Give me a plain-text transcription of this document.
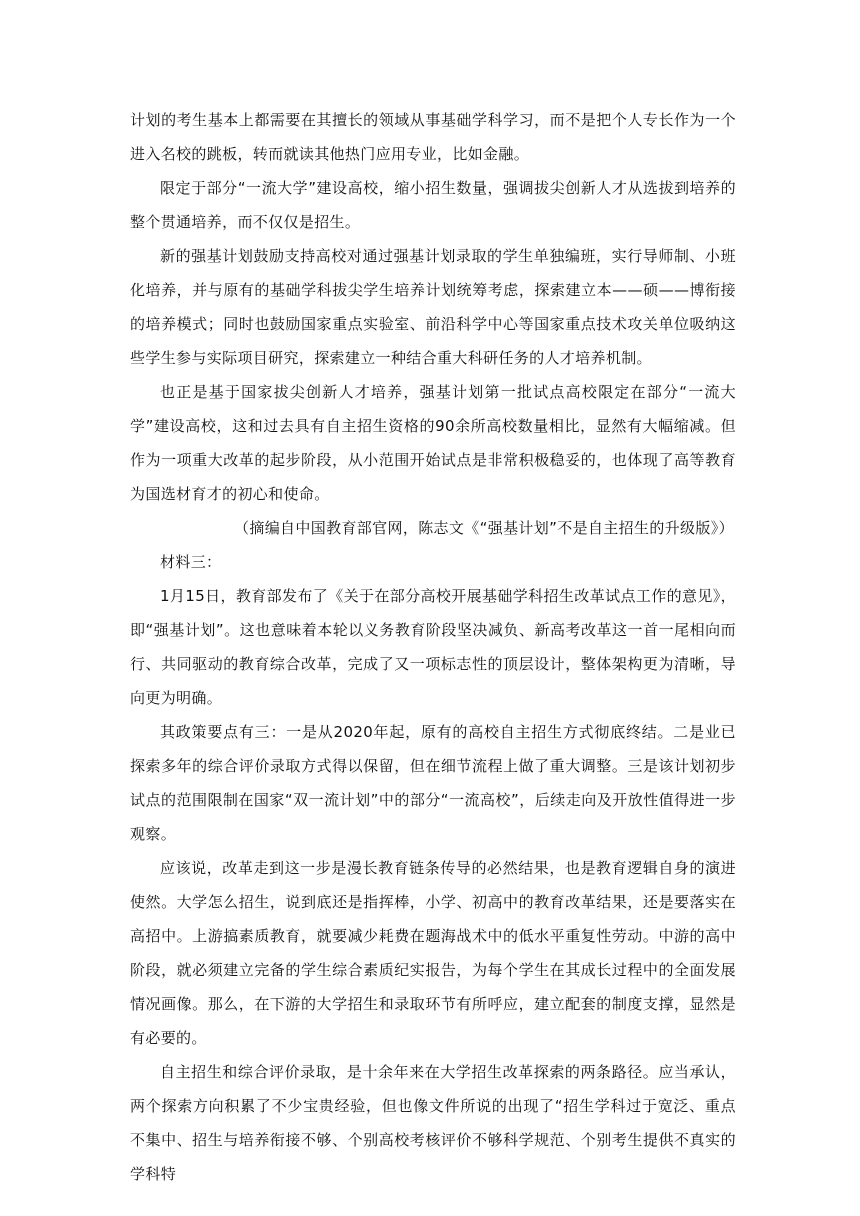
计划的考生基本上都需要在其擅长的领域从事基础学科学习，而不是把个人专长作为一个进入名校的跳板，转而就读其他热门应用专业，比如金融。

限定于部分“一流大学”建设高校，缩小招生数量，强调拔尖创新人才从选拔到培养的整个贯通培养，而不仅仅是招生。

新的强基计划鼓励支持高校对通过强基计划录取的学生单独编班，实行导师制、小班化培养，并与原有的基础学科拔尖学生培养计划统筹考虑，探索建立本——硕——博衔接的培养模式；同时也鼓励国家重点实验室、前沿科学中心等国家重点技术攻关单位吸纳这些学生参与实际项目研究，探索建立一种结合重大科研任务的人才培养机制。

也正是基于国家拔尖创新人才培养，强基计划第一批试点高校限定在部分“一流大学”建设高校，这和过去具有自主招生资格的90余所高校数量相比，显然有大幅缩减。但作为一项重大改革的起步阶段，从小范围开始试点是非常积极稳妥的，也体现了高等教育为国选材育才的初心和使命。

（摘编自中国教育部官网，陈志文《“强基计划”不是自主招生的升级版》）

材料三：

1月15日，教育部发布了《关于在部分高校开展基础学科招生改革试点工作的意见》，即“强基计划”。这也意味着本轮以义务教育阶段坚决减负、新高考改革这一首一尾相向而行、共同驱动的教育综合改革，完成了又一项标志性的顶层设计，整体架构更为清晰，导向更为明确。

其政策要点有三：一是从2020年起，原有的高校自主招生方式彻底终结。二是业已探索多年的综合评价录取方式得以保留，但在细节流程上做了重大调整。三是该计划初步试点的范围限制在国家“双一流计划”中的部分“一流高校”，后续走向及开放性值得进一步观察。

应该说，改革走到这一步是漫长教育链条传导的必然结果，也是教育逻辑自身的演进使然。大学怎么招生，说到底还是指挥棒，小学、初高中的教育改革结果，还是要落实在高招中。上游搞素质教育，就要减少耗费在题海战术中的低水平重复性劳动。中游的高中阶段，就必须建立完备的学生综合素质纪实报告，为每个学生在其成长过程中的全面发展情况画像。那么，在下游的大学招生和录取环节有所呼应，建立配套的制度支撑，显然是有必要的。

自主招生和综合评价录取，是十余年来在大学招生改革探索的两条路径。应当承认，两个探索方向积累了不少宝贵经验，但也像文件所说的出现了“招生学科过于宽泛、重点不集中、招生与培养衔接不够、个别高校考核评价不够科学规范、个别考生提供不真实的学科特
